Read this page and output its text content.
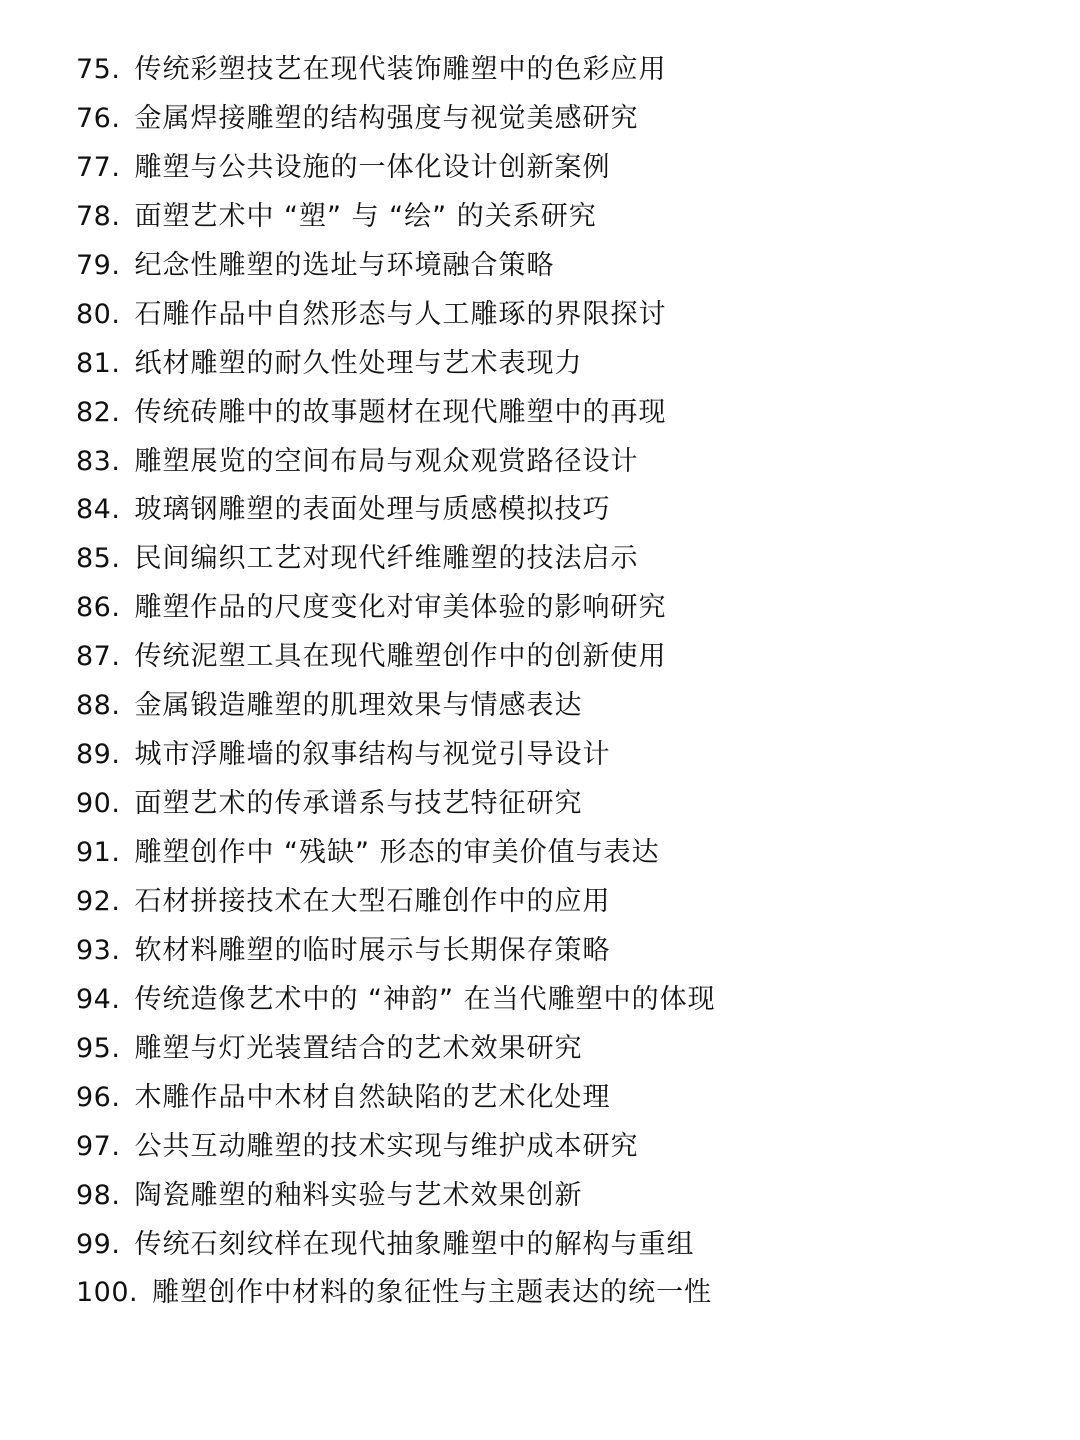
75. 传统彩塑技艺在现代装饰雕塑中的色彩应用
76. 金属焊接雕塑的结构强度与视觉美感研究
77. 雕塑与公共设施的一体化设计创新案例
78. 面塑艺术中 “塑” 与 “绘” 的关系研究
79. 纪念性雕塑的选址与环境融合策略
80. 石雕作品中自然形态与人工雕琢的界限探讨
81. 纸材雕塑的耐久性处理与艺术表现力
82. 传统砖雕中的故事题材在现代雕塑中的再现
83. 雕塑展览的空间布局与观众观赏路径设计
84. 玻璃钢雕塑的表面处理与质感模拟技巧
85. 民间编织工艺对现代纤维雕塑的技法启示
86. 雕塑作品的尺度变化对审美体验的影响研究
87. 传统泥塑工具在现代雕塑创作中的创新使用
88. 金属锻造雕塑的肌理效果与情感表达
89. 城市浮雕墙的叙事结构与视觉引导设计
90. 面塑艺术的传承谱系与技艺特征研究
91. 雕塑创作中 “残缺” 形态的审美价值与表达
92. 石材拼接技术在大型石雕创作中的应用
93. 软材料雕塑的临时展示与长期保存策略
94. 传统造像艺术中的 “神韵” 在当代雕塑中的体现
95. 雕塑与灯光装置结合的艺术效果研究
96. 木雕作品中木材自然缺陷的艺术化处理
97. 公共互动雕塑的技术实现与维护成本研究
98. 陶瓷雕塑的釉料实验与艺术效果创新
99. 传统石刻纹样在现代抽象雕塑中的解构与重组
100. 雕塑创作中材料的象征性与主题表达的统一性
